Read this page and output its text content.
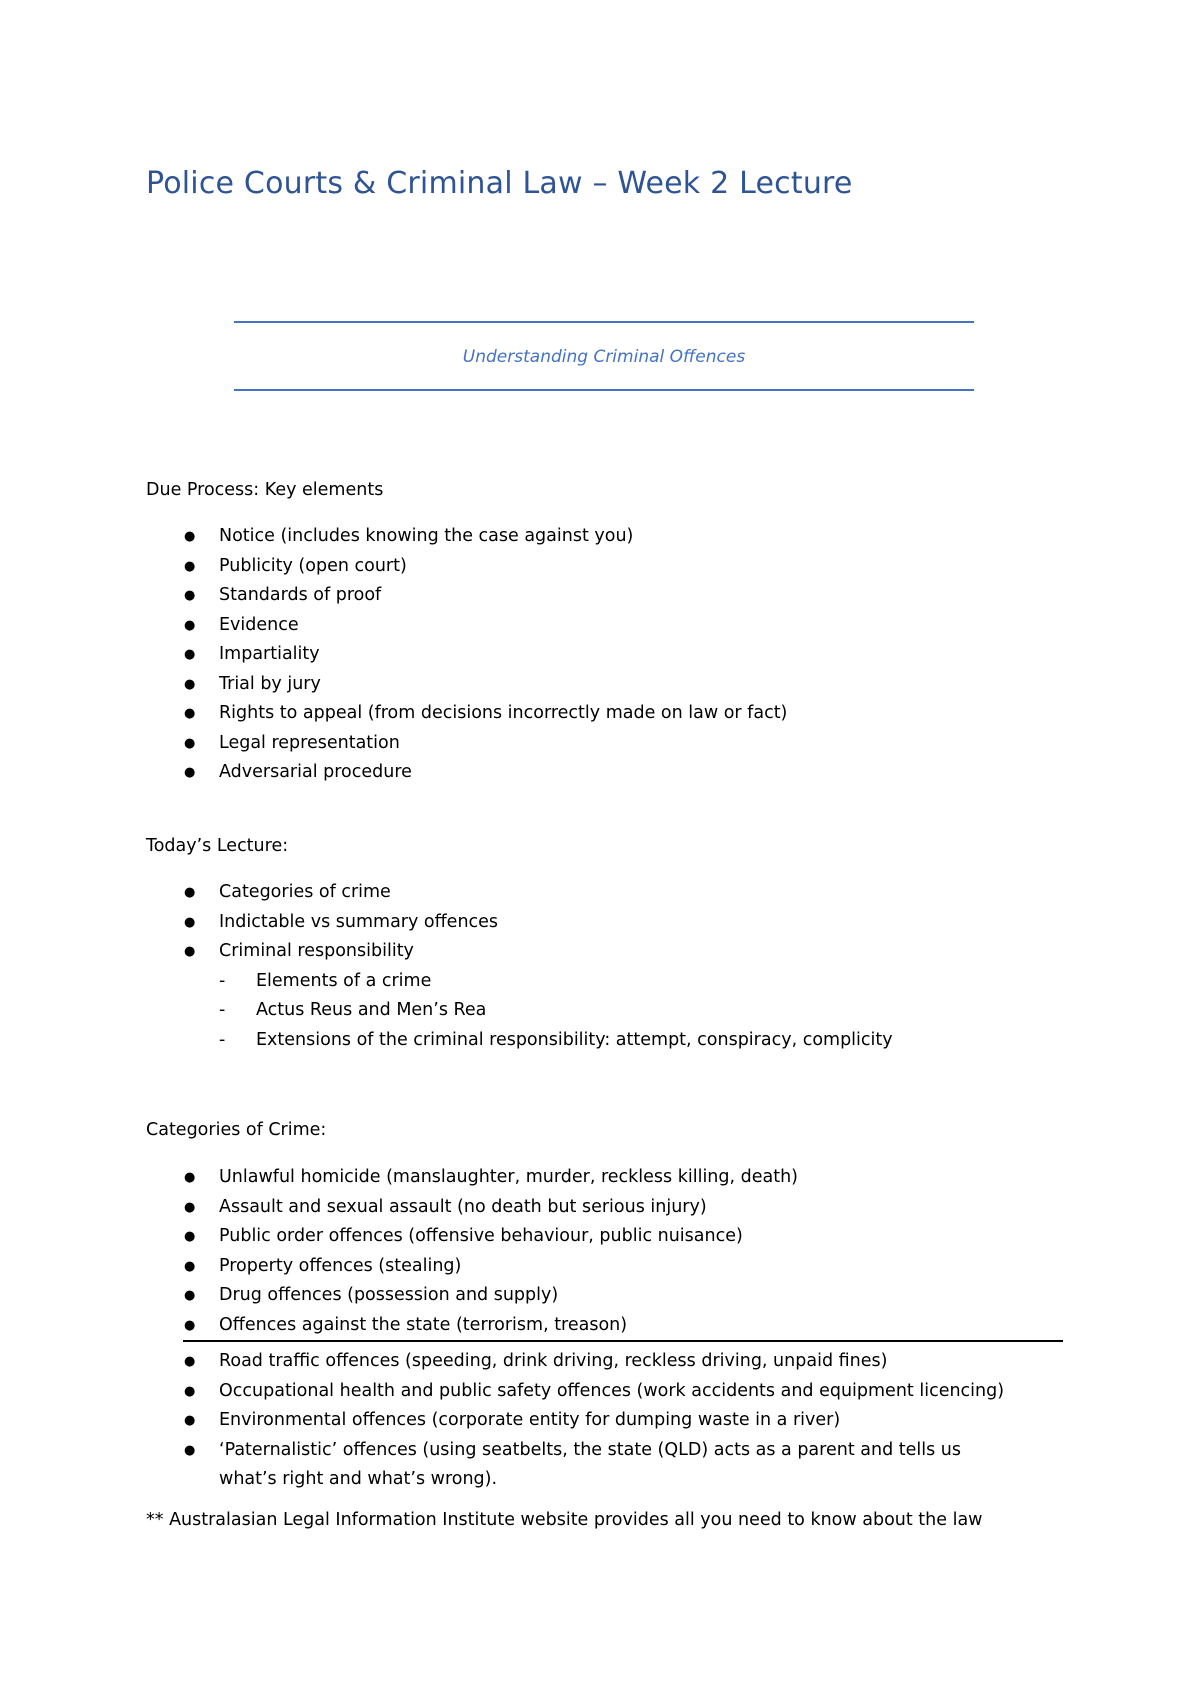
Police Courts & Criminal Law – Week 2 Lecture
Understanding Criminal Offences
Due Process: Key elements
● Notice (includes knowing the case against you)
● Publicity (open court)
● Standards of proof
● Evidence
● Impartiality
● Trial by jury
● Rights to appeal (from decisions incorrectly made on law or fact)
● Legal representation
● Adversarial procedure
Today’s Lecture:
● Categories of crime
● Indictable vs summary offences
● Criminal responsibility
- Elements of a crime
- Actus Reus and Men’s Rea
- Extensions of the criminal responsibility: attempt, conspiracy, complicity
Categories of Crime:
● Unlawful homicide (manslaughter, murder, reckless killing, death)
● Assault and sexual assault (no death but serious injury)
● Public order offences (offensive behaviour, public nuisance)
● Property offences (stealing)
● Drug offences (possession and supply)
● Offences against the state (terrorism, treason)
● Road traffic offences (speeding, drink driving, reckless driving, unpaid fines)
● Occupational health and public safety offences (work accidents and equipment licencing)
● Environmental offences (corporate entity for dumping waste in a river)
● ‘Paternalistic’ offences (using seatbelts, the state (QLD) acts as a parent and tells us what’s right and what’s wrong).
** Australasian Legal Information Institute website provides all you need to know about the law
